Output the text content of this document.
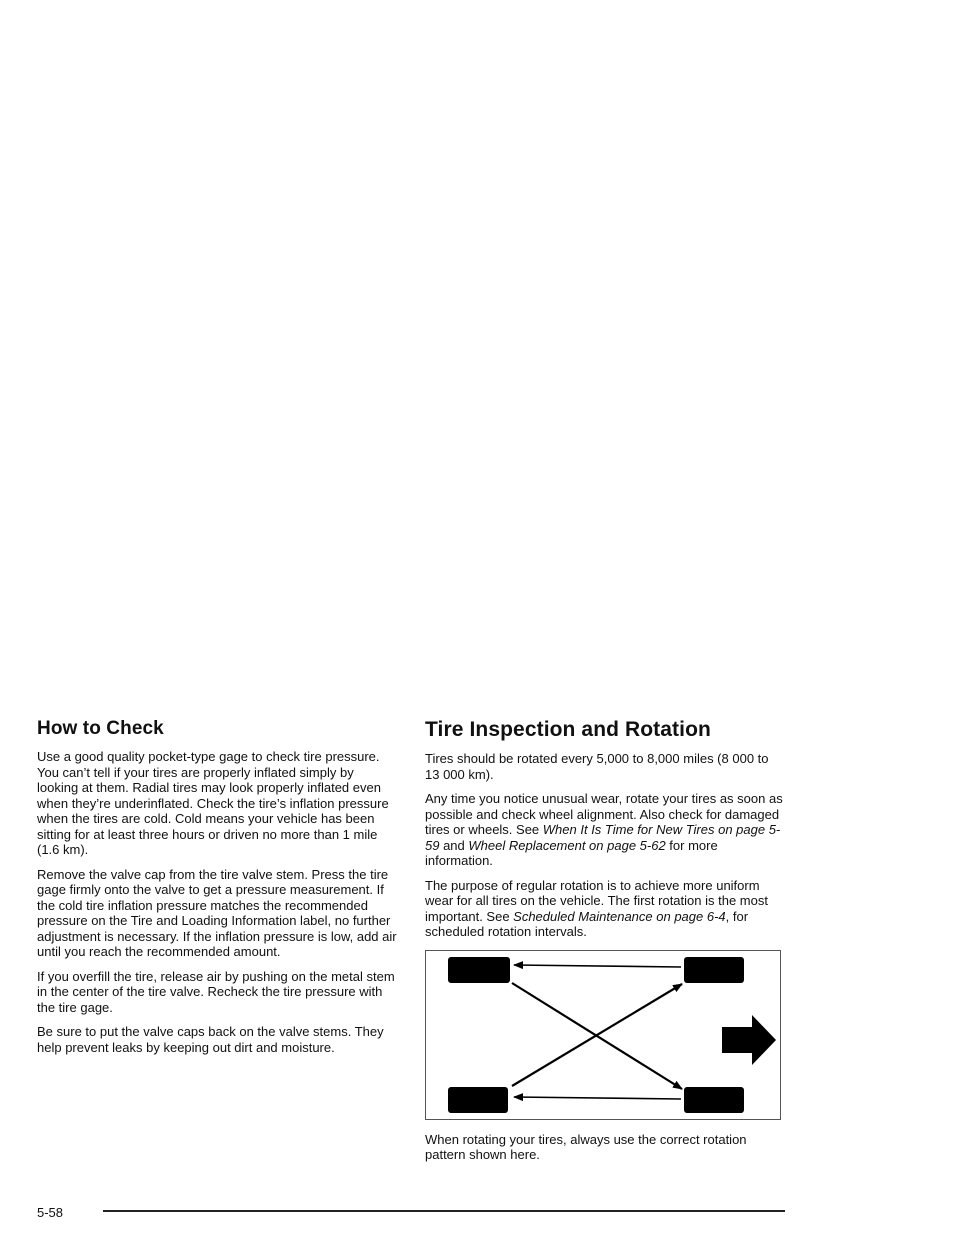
How to Check

Use a good quality pocket-type gage to check tire pressure. You can’t tell if your tires are properly inflated simply by looking at them. Radial tires may look properly inflated even when they’re underinflated. Check the tire’s inflation pressure when the tires are cold. Cold means your vehicle has been sitting for at least three hours or driven no more than 1 mile (1.6 km).

Remove the valve cap from the tire valve stem. Press the tire gage firmly onto the valve to get a pressure measurement. If the cold tire inflation pressure matches the recommended pressure on the Tire and Loading Information label, no further adjustment is necessary. If the inflation pressure is low, add air until you reach the recommended amount.

If you overfill the tire, release air by pushing on the metal stem in the center of the tire valve. Recheck the tire pressure with the tire gage.

Be sure to put the valve caps back on the valve stems. They help prevent leaks by keeping out dirt and moisture.

Tire Inspection and Rotation

Tires should be rotated every 5,000 to 8,000 miles (8 000 to 13 000 km).

Any time you notice unusual wear, rotate your tires as soon as possible and check wheel alignment. Also check for damaged tires or wheels. See When It Is Time for New Tires on page 5-59 and Wheel Replacement on page 5-62 for more information.

The purpose of regular rotation is to achieve more uniform wear for all tires on the vehicle. The first rotation is the most important. See Scheduled Maintenance on page 6-4, for scheduled rotation intervals.

When rotating your tires, always use the correct rotation pattern shown here.

5-58
